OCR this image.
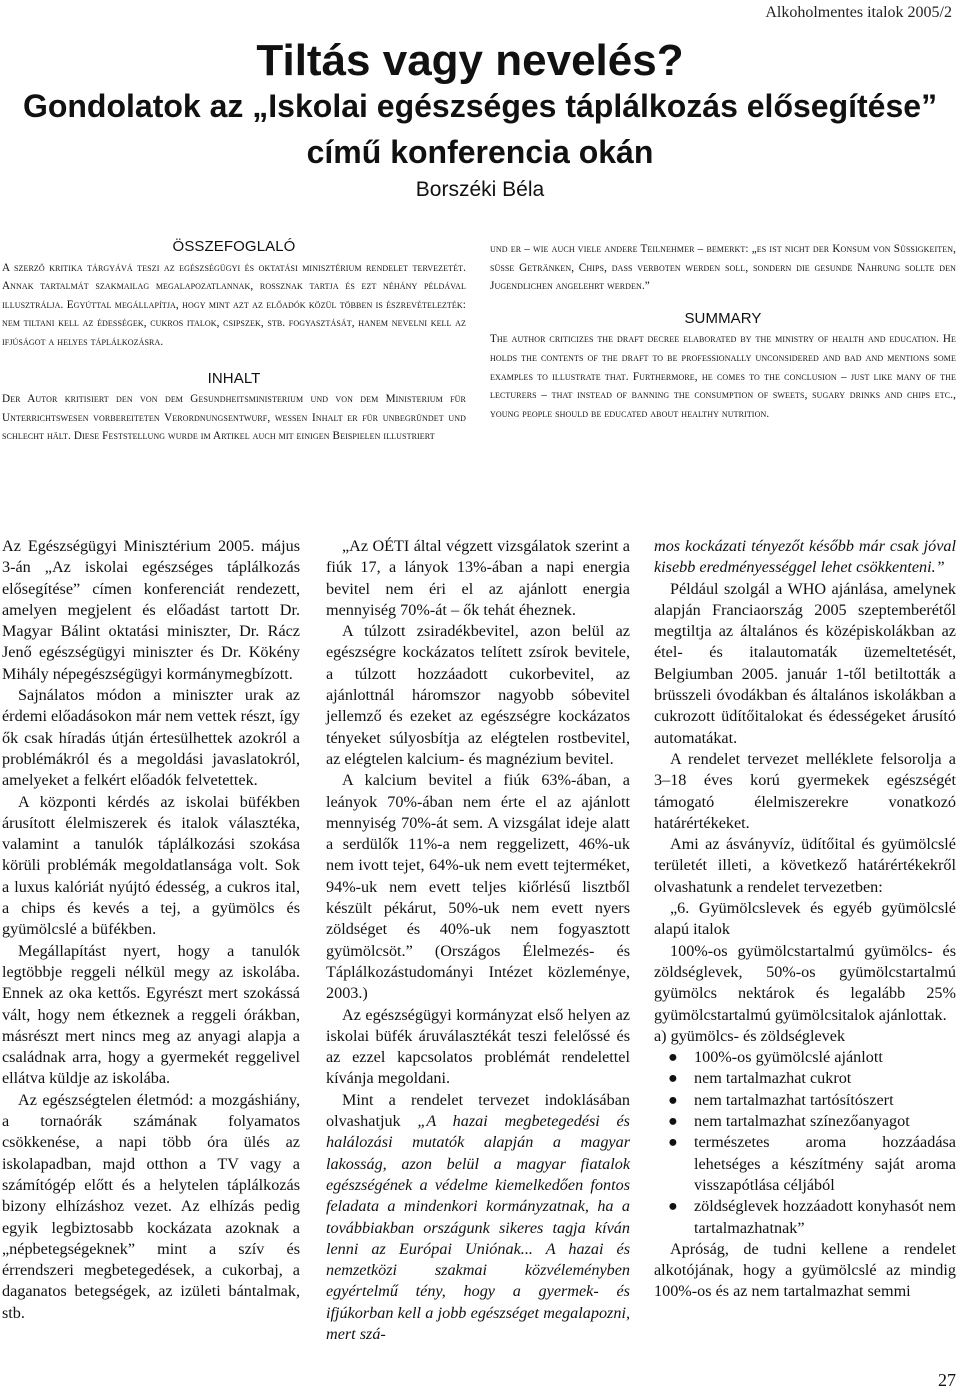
Alkoholmentes italok 2005/2
Tiltás vagy nevelés?
Gondolatok az „Iskolai egészséges táplálkozás elősegítése”
című konferencia okán
Borszéki Béla
ÖSSZEFOGLALÓ
A szerző kritika tárgyává teszi az egészségügyi és oktatási minisztérium rendelet tervezetét. Annak tartalmát szakmailag megalapozatlannak, rossznak tartja és ezt néhány példával illusztrálja. Egyúttal megállapítja, hogy mint azt az előadók közül többen is észrevételezték: nem tiltani kell az édességek, cukros italok, csipszek, stb. fogyasztását, hanem nevelni kell az ifjúságot a helyes táplálkozásra.
INHALT
Der Autor kritisiert den von dem Gesundheitsministerium und von dem Ministerium für Unterrichtswesen vorbereiteten Verordnungsentwurf, wessen Inhalt er für unbegründet und schlecht hält. Diese Feststellung wurde im Artikel auch mit einigen Beispielen illustriert
und er – wie auch viele andere Teilnehmer – bemerkt: „es ist nicht der Konsum von Süßigkeiten, süße Getränken, Chips, dass verboten werden soll, sondern die gesunde Nahrung sollte den Jugendlichen angelehrt werden.”
SUMMARY
The author criticizes the draft decree elaborated by the ministry of health and education. He holds the contents of the draft to be professionally unconsidered and bad and mentions some examples to illustrate that. Furthermore, he comes to the conclusion – just like many of the lecturers – that instead of banning the consumption of sweets, sugary drinks and chips etc., young people should be educated about healthy nutrition.

Az Egészségügyi Minisztérium 2005. május 3-án „Az iskolai egészséges táplálkozás elősegítése” címen konferenciát rendezett, amelyen megjelent és előadást tartott Dr. Magyar Bálint oktatási miniszter, Dr. Rácz Jenő egészségügyi miniszter és Dr. Kökény Mihály népegészségügyi kormánymegbízott.

Sajnálatos módon a miniszter urak az érdemi előadásokon már nem vettek részt, így ők csak híradás útján értesülhettek azokról a problémákról és a megoldási javaslatokról, amelyeket a felkért előadók felvetettek.

A központi kérdés az iskolai büfékben árusított élelmiszerek és italok választéka, valamint a tanulók táplálkozási szokása körüli problémák megoldatlansága volt. Sok a luxus kalóriát nyújtó édesség, a cukros ital, a chips és kevés a tej, a gyümölcs és gyümölcslé a büfékben.

Megállapítást nyert, hogy a tanulók legtöbbje reggeli nélkül megy az iskolába. Ennek az oka kettős. Egyrészt mert szokássá vált, hogy nem étkeznek a reggeli órákban, másrészt mert nincs meg az anyagi alapja a családnak arra, hogy a gyermekét reggelivel ellátva küldje az iskolába.

Az egészségtelen életmód: a mozgáshiány, a tornaórák számának folyamatos csökkenése, a napi több óra ülés az iskolapadban, majd otthon a TV vagy a számítógép előtt és a helytelen táplálkozás bizony elhízáshoz vezet. Az elhízás pedig egyik legbiztosabb kockázata azoknak a „népbetegségeknek” mint a szív és érrendszeri megbetegedések, a cukorbaj, a daganatos betegségek, az izületi bántalmak, stb.

„Az OÉTI által végzett vizsgálatok szerint a fiúk 17, a lányok 13%-ában a napi energia bevitel nem éri el az ajánlott energia mennyiség 70%-át – ők tehát éheznek.

A túlzott zsiradékbevitel, azon belül az egészségre kockázatos telített zsírok bevitele, a túlzott hozzáadott cukorbevitel, az ajánlottnál háromszor nagyobb sóbevitel jellemző és ezeket az egészségre kockázatos tényeket súlyosbítja az elégtelen rostbevitel, az elégtelen kalcium- és magnézium bevitel.

A kalcium bevitel a fiúk 63%-ában, a leányok 70%-ában nem érte el az ajánlott mennyiség 70%-át sem. A vizsgálat ideje alatt a serdülők 11%-a nem reggelizett, 46%-uk nem ivott tejet, 64%-uk nem evett tejterméket, 94%-uk nem evett teljes kiőrlésű lisztből készült pékárut, 50%-uk nem evett nyers zöldséget és 40%-uk nem fogyasztott gyümölcsöt.” (Országos Élelmezés- és Táplálkozástudományi Intézet közleménye, 2003.)

Az egészségügyi kormányzat első helyen az iskolai büfék áruválasztékát teszi felelőssé és az ezzel kapcsolatos problémát rendelettel kívánja megoldani.

Mint a rendelet tervezet indoklásában olvashatjuk „A hazai megbetegedési és halálozási mutatók alapján a magyar lakosság, azon belül a magyar fiatalok egészségének a védelme kiemelkedően fontos feladata a mindenkori kormányzatnak, ha a továbbiakban országunk sikeres tagja kíván lenni az Európai Uniónak... A hazai és nemzetközi szakmai közvéleményben egyértelmű tény, hogy a gyermek- és ifjúkorban kell a jobb egészséget megalapozni, mert szá-

mos kockázati tényezőt később már csak jóval kisebb eredményességgel lehet csökkenteni.”

Például szolgál a WHO ajánlása, amelynek alapján Franciaország 2005 szeptemberétől megtiltja az általános és középiskolákban az étel- és italautomaták üzemeltetését, Belgiumban 2005. január 1-től betiltották a brüsszeli óvodákban és általános iskolákban a cukrozott üdítőitalokat és édességeket árusító automatákat.

A rendelet tervezet melléklete felsorolja a 3–18 éves korú gyermekek egészségét támogató élelmiszerekre vonatkozó határértékeket.

Ami az ásványvíz, üdítőital és gyümölcslé területét illeti, a következő határértékekről olvashatunk a rendelet tervezetben:

„6. Gyümölcslevek és egyéb gyümölcslé alapú italok

100%-os gyümölcstartalmú gyümölcs- és zöldséglevek, 50%-os gyümölcstartalmú gyümölcs nektárok és legalább 25% gyümölcstartalmú gyümölcsitalok ajánlottak.

a) gyümölcs- és zöldséglevek

● 100%-os gyümölcslé ajánlott
● nem tartalmazhat cukrot
● nem tartalmazhat tartósítószert
● nem tartalmazhat színezőanyagot
● természetes aroma hozzáadása lehetséges a készítmény saját aroma visszapótlása céljából
● zöldséglevek hozzáadott konyhasót nem tartalmazhatnak”

Apróság, de tudni kellene a rendelet alkotójának, hogy a gyümölcslé az mindig 100%-os és az nem tartalmazhat semmi

27
